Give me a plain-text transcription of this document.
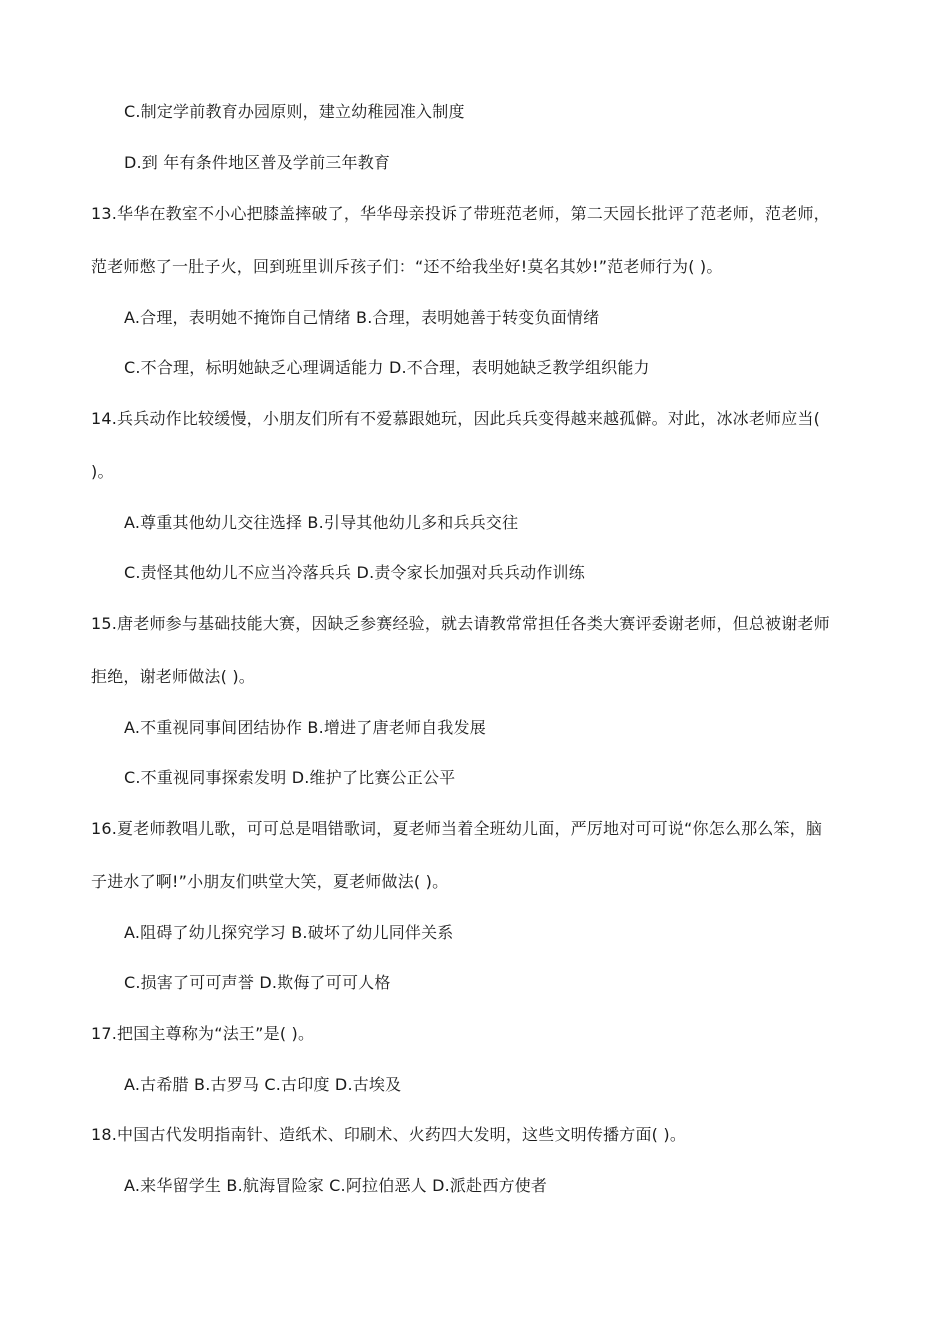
C.制定学前教育办园原则，建立幼稚园准入制度
D.到 年有条件地区普及学前三年教育
13.华华在教室不小心把膝盖摔破了，华华母亲投诉了带班范老师，第二天园长批评了范老师，范老师，
范老师憋了一肚子火，回到班里训斥孩子们：“还不给我坐好!莫名其妙!”范老师行为( )。
A.合理，表明她不掩饰自己情绪 B.合理，表明她善于转变负面情绪
C.不合理，标明她缺乏心理调适能力 D.不合理，表明她缺乏教学组织能力
14.兵兵动作比较缓慢，小朋友们所有不爱慕跟她玩，因此兵兵变得越来越孤僻。对此，冰冰老师应当(
)。
A.尊重其他幼儿交往选择 B.引导其他幼儿多和兵兵交往
C.责怪其他幼儿不应当冷落兵兵 D.责令家长加强对兵兵动作训练
15.唐老师参与基础技能大赛，因缺乏参赛经验，就去请教常常担任各类大赛评委谢老师，但总被谢老师
拒绝，谢老师做法( )。
A.不重视同事间团结协作 B.增进了唐老师自我发展
C.不重视同事探索发明 D.维护了比赛公正公平
16.夏老师教唱儿歌，可可总是唱错歌词，夏老师当着全班幼儿面，严厉地对可可说“你怎么那么笨，脑
子进水了啊!”小朋友们哄堂大笑，夏老师做法( )。
A.阻碍了幼儿探究学习 B.破坏了幼儿同伴关系
C.损害了可可声誉 D.欺侮了可可人格
17.把国主尊称为“法王”是( )。
A.古希腊 B.古罗马 C.古印度 D.古埃及
18.中国古代发明指南针、造纸术、印刷术、火药四大发明，这些文明传播方面( )。
A.来华留学生 B.航海冒险家 C.阿拉伯恶人 D.派赴西方使者
